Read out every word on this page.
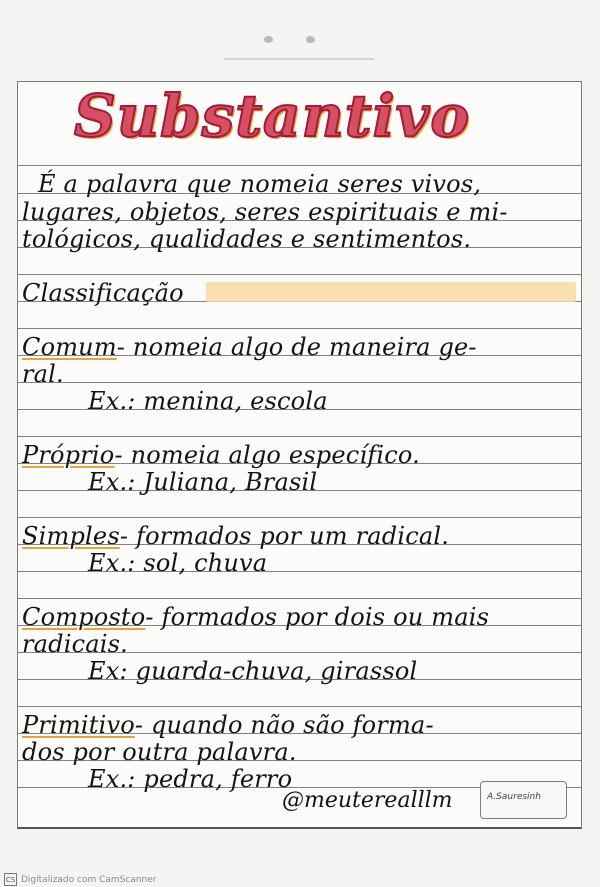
Substantivo
É a palavra que nomeia seres vivos,
lugares, objetos, seres espirituais e mi-
tológicos, qualidades e sentimentos.
Classificação
Comum- nomeia algo de maneira ge-
ral.
Ex.: menina, escola
Próprio- nomeia algo específico.
Ex.: Juliana, Brasil
Simples- formados por um radical.
Ex.: sol, chuva
Composto- formados por dois ou mais
radicais.
Ex: guarda-chuva, girassol
Primitivo- quando não são forma-
dos por outra palavra.
Ex.: pedra, ferro
@meuterealllm	A.Sauresinh
CS Digitalizado com CamScanner
